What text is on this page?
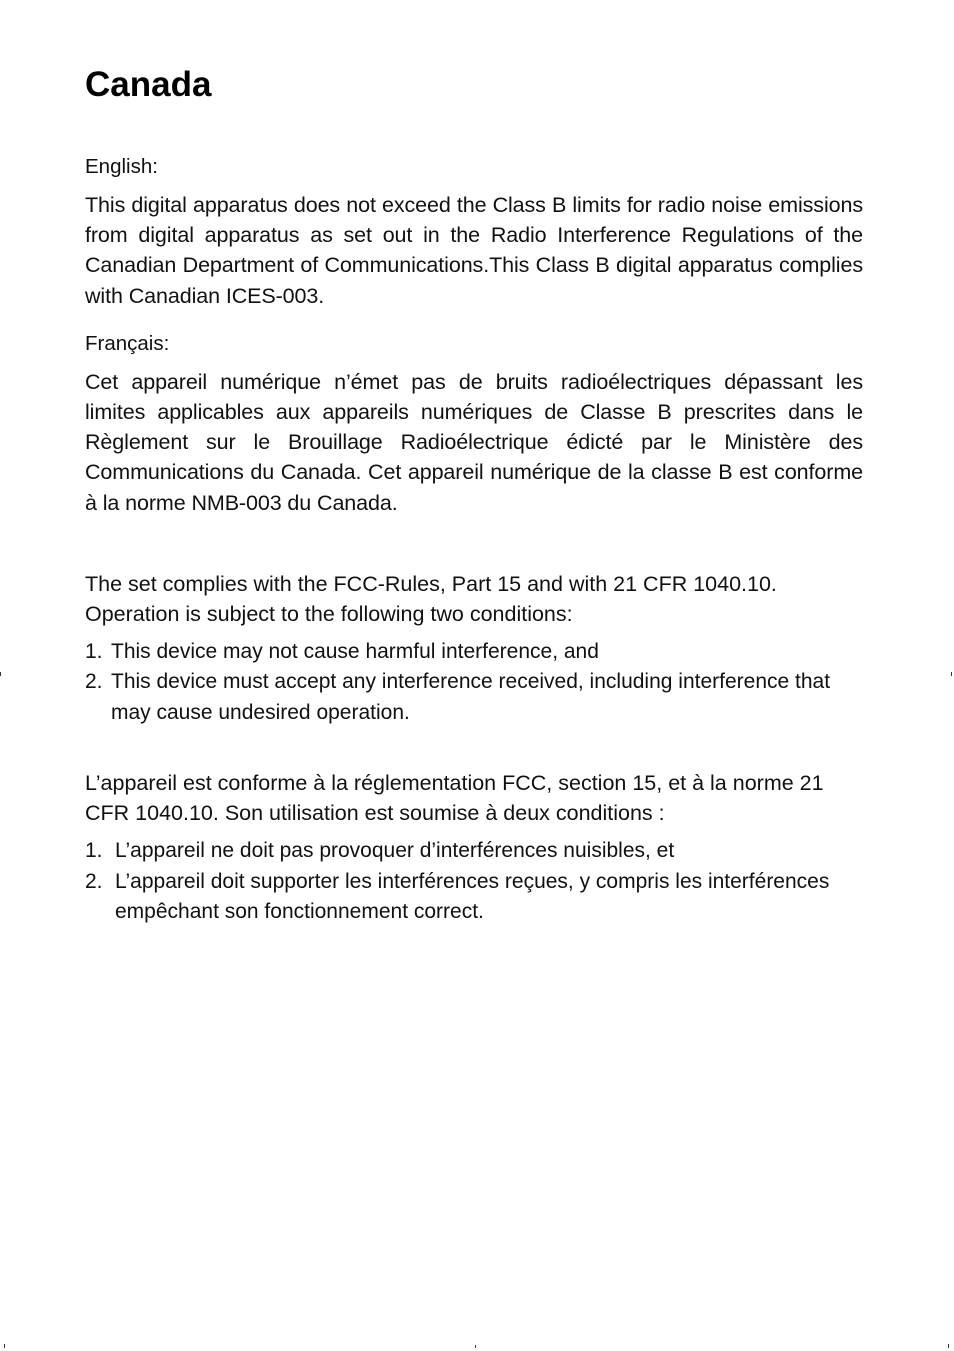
Canada
English:

This digital apparatus does not exceed the Class B limits for radio noise emissions from digital apparatus as set out in the Radio Interference Regulations of the Canadian Department of Communications.This Class B digital apparatus complies with Canadian ICES-003.

Français:

Cet appareil numérique n’émet pas de bruits radioélectriques dépassant les limites applicables aux appareils numériques de Classe B prescrites dans le Règlement sur le Brouillage Radioélectrique édicté par le Ministère des Communications du Canada. Cet appareil numérique de la classe B est conforme à la norme NMB-003 du Canada.

The set complies with the FCC-Rules, Part 15 and with 21 CFR 1040.10. Operation is subject to the following two conditions:
1. This device may not cause harmful interference, and
2. This device must accept any interference received, including interference that may cause undesired operation.
L’appareil est conforme à la réglementation FCC, section 15, et à la norme 21 CFR 1040.10. Son utilisation est soumise à deux conditions :
1. L’appareil ne doit pas provoquer d’interférences nuisibles, et
2. L’appareil doit supporter les interférences reçues, y compris les interférences empêchant son fonctionnement correct.
